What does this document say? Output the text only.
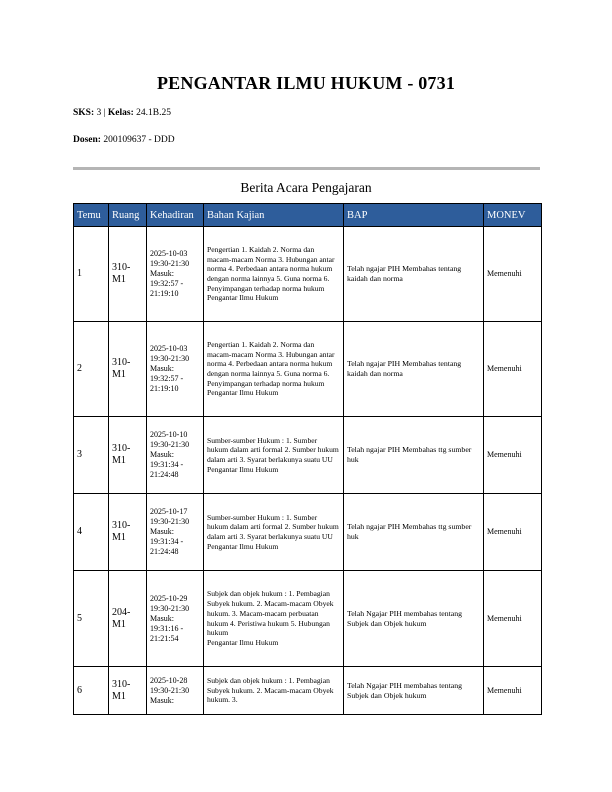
PENGANTAR ILMU HUKUM - 0731
SKS: 3 | Kelas: 24.1B.25
Dosen: 200109637 - DDD
Berita Acara Pengajaran
Temu	Ruang	Kehadiran	Bahan Kajian	BAP	MONEV
1	310-M1	2025-10-03
19:30-21:30
Masuk:
19:32:57 - 21:19:10	Pengertian 1. Kaidah 2. Norma dan macam-macam Norma 3. Hubungan antar norma 4. Perbedaan antara norma hukum dengan norma lainnya 5. Guna norma 6. Penyimpangan terhadap norma hukum
Pengantar Ilmu Hukum	Telah ngajar PIH Membahas tentang kaidah dan norma	Memenuhi
2	310-M1	2025-10-03
19:30-21:30
Masuk:
19:32:57 - 21:19:10	Pengertian 1. Kaidah 2. Norma dan macam-macam Norma 3. Hubungan antar norma 4. Perbedaan antara norma hukum dengan norma lainnya 5. Guna norma 6. Penyimpangan terhadap norma hukum
Pengantar Ilmu Hukum	Telah ngajar PIH Membahas tentang kaidah dan norma	Memenuhi
3	310-M1	2025-10-10
19:30-21:30
Masuk:
19:31:34 - 21:24:48	Sumber-sumber Hukum : 1. Sumber hukum dalam arti formal 2. Sumber hukum dalam arti 3. Syarat berlakunya suatu UU
Pengantar Ilmu Hukum	Telah ngajar PIH Membahas ttg sumber huk	Memenuhi
4	310-M1	2025-10-17
19:30-21:30
Masuk:
19:31:34 - 21:24:48	Sumber-sumber Hukum : 1. Sumber hukum dalam arti formal 2. Sumber hukum dalam arti 3. Syarat berlakunya suatu UU
Pengantar Ilmu Hukum	Telah ngajar PIH Membahas ttg sumber huk	Memenuhi
5	204-M1	2025-10-29
19:30-21:30
Masuk:
19:31:16 - 21:21:54	Subjek dan objek hukum : 1. Pembagian Subyek hukum. 2. Macam-macam Obyek hukum. 3. Macam-macam perbuatan hukum 4. Peristiwa hukum 5. Hubungan hukum
Pengantar Ilmu Hukum	Telah Ngajar PIH membahas tentang Subjek dan Objek hukum	Memenuhi
6	310-M1	2025-10-28
19:30-21:30
Masuk:	Subjek dan objek hukum : 1. Pembagian Subyek hukum. 2. Macam-macam Obyek hukum. 3.	Telah Ngajar PIH membahas tentang Subjek dan Objek hukum	Memenuhi
